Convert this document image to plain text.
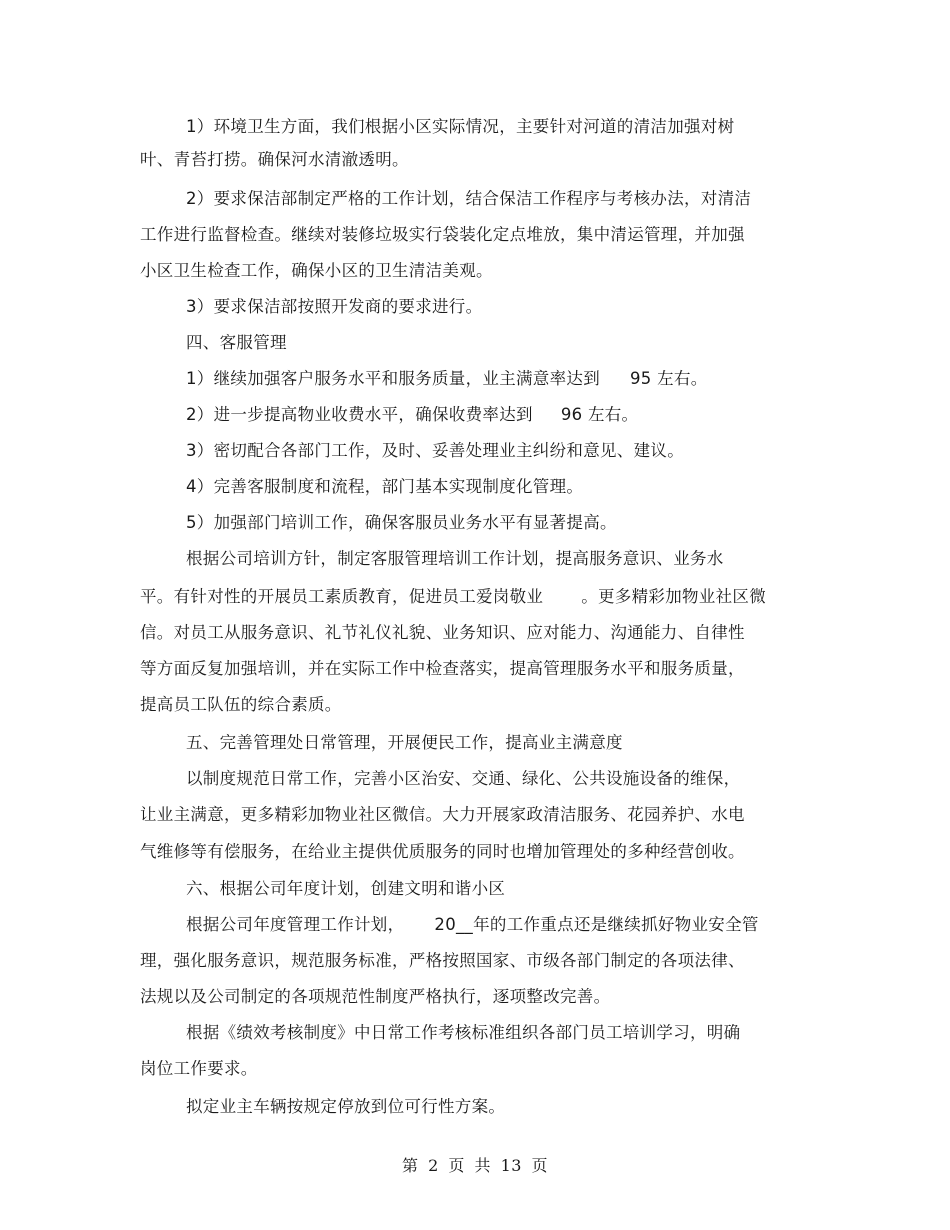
1）环境卫生方面，我们根据小区实际情况，主要针对河道的清洁加强对树
叶、青苔打捞。确保河水清澈透明。
2）要求保洁部制定严格的工作计划，结合保洁工作程序与考核办法，对清洁
工作进行监督检查。继续对装修垃圾实行袋装化定点堆放，集中清运管理，并加强
小区卫生检查工作，确保小区的卫生清洁美观。
3）要求保洁部按照开发商的要求进行。
四、客服管理
1）继续加强客户服务水平和服务质量，业主满意率达到 95 左右。
2）进一步提高物业收费水平，确保收费率达到 96 左右。
3）密切配合各部门工作，及时、妥善处理业主纠纷和意见、建议。
4）完善客服制度和流程，部门基本实现制度化管理。
5）加强部门培训工作，确保客服员业务水平有显著提高。
根据公司培训方针，制定客服管理培训工作计划，提高服务意识、业务水
平。有针对性的开展员工素质教育，促进员工爱岗敬业 。更多精彩加物业社区微
信。对员工从服务意识、礼节礼仪礼貌、业务知识、应对能力、沟通能力、自律性
等方面反复加强培训，并在实际工作中检查落实，提高管理服务水平和服务质量，
提高员工队伍的综合素质。
五、完善管理处日常管理，开展便民工作，提高业主满意度
以制度规范日常工作，完善小区治安、交通、绿化、公共设施设备的维保，
让业主满意，更多精彩加物业社区微信。大力开展家政清洁服务、花园养护、水电
气维修等有偿服务，在给业主提供优质服务的同时也增加管理处的多种经营创收。
六、根据公司年度计划，创建文明和谐小区
根据公司年度管理工作计划， 20__年的工作重点还是继续抓好物业安全管
理，强化服务意识，规范服务标准，严格按照国家、市级各部门制定的各项法律、
法规以及公司制定的各项规范性制度严格执行，逐项整改完善。
根据《绩效考核制度》中日常工作考核标准组织各部门员工培训学习，明确
岗位工作要求。
拟定业主车辆按规定停放到位可行性方案。
第 2 页 共 13 页
